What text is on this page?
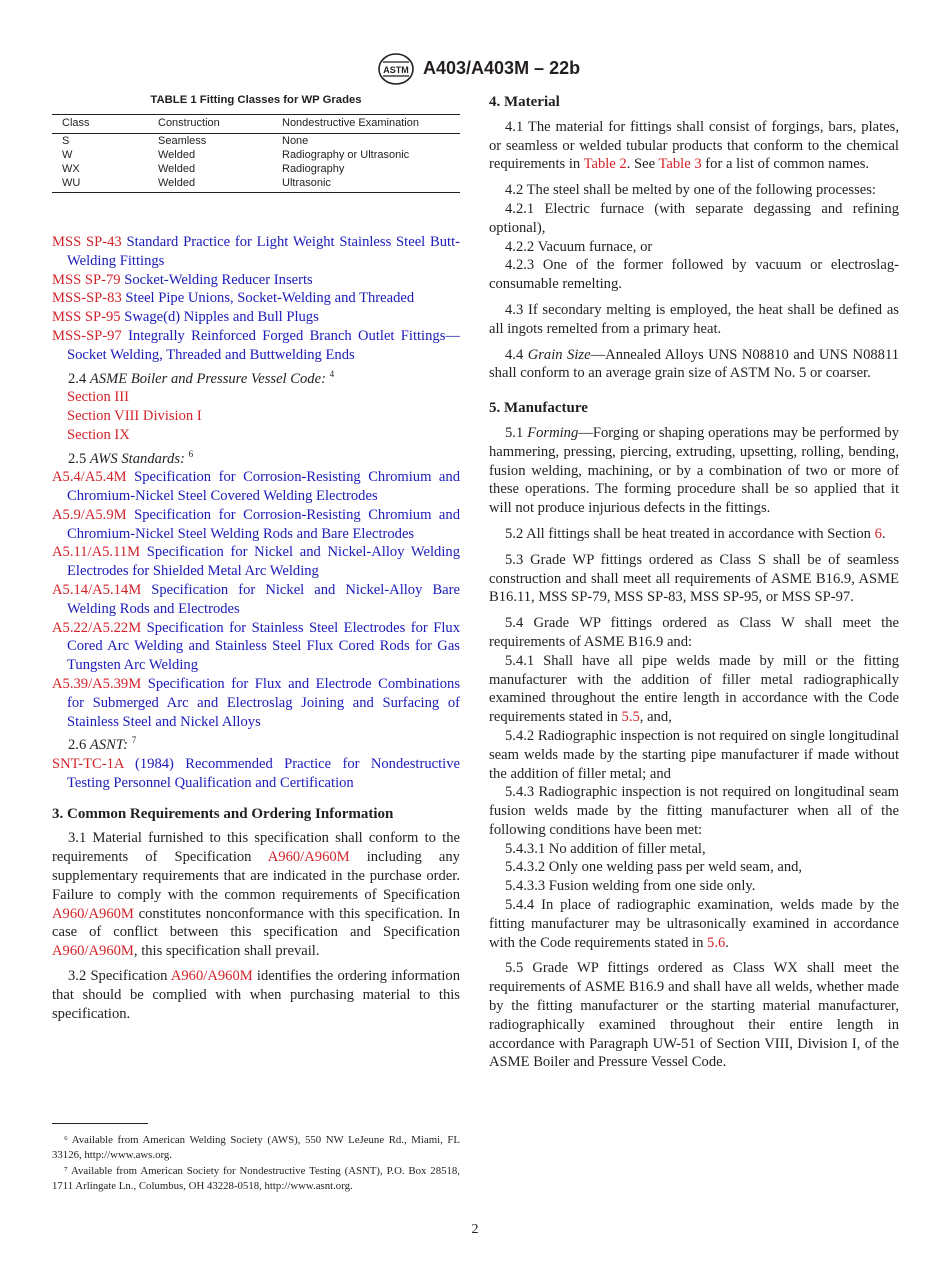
ASTM A403/A403M – 22b
TABLE 1 Fitting Classes for WP Grades
Class	Construction	Nondestructive Examination
S	Seamless	None
W	Welded	Radiography or Ultrasonic
WX	Welded	Radiography
WU	Welded	Ultrasonic

MSS SP-43 Standard Practice for Light Weight Stainless Steel Butt-Welding Fittings

MSS SP-79 Socket-Welding Reducer Inserts

MSS-SP-83 Steel Pipe Unions, Socket-Welding and Threaded

MSS SP-95 Swage(d) Nipples and Bull Plugs

MSS-SP-97 Integrally Reinforced Forged Branch Outlet Fittings—Socket Welding, Threaded and Buttwelding Ends

2.4 ASME Boiler and Pressure Vessel Code: $^4$

Section III

Section VIII Division I

Section IX

2.5 AWS Standards: $^6$

A5.4/A5.4M Specification for Corrosion-Resisting Chromium and Chromium-Nickel Steel Covered Welding Electrodes

A5.9/A5.9M Specification for Corrosion-Resisting Chromium and Chromium-Nickel Steel Welding Rods and Bare Electrodes

A5.11/A5.11M Specification for Nickel and Nickel-Alloy Welding Electrodes for Shielded Metal Arc Welding

A5.14/A5.14M Specification for Nickel and Nickel-Alloy Bare Welding Rods and Electrodes

A5.22/A5.22M Specification for Stainless Steel Electrodes for Flux Cored Arc Welding and Stainless Steel Flux Cored Rods for Gas Tungsten Arc Welding

A5.39/A5.39M Specification for Flux and Electrode Combinations for Submerged Arc and Electroslag Joining and Surfacing of Stainless Steel and Nickel Alloys

2.6 ASNT: $^7$

SNT-TC-1A (1984) Recommended Practice for Nondestructive Testing Personnel Qualification and Certification

3. Common Requirements and Ordering Information

3.1 Material furnished to this specification shall conform to the requirements of Specification A960/A960M including any supplementary requirements that are indicated in the purchase order. Failure to comply with the common requirements of Specification A960/A960M constitutes nonconformance with this specification. In case of conflict between this specification and Specification A960/A960M, this specification shall prevail.

3.2 Specification A960/A960M identifies the ordering information that should be complied with when purchasing material to this specification.

⁶ Available from American Welding Society (AWS), 550 NW LeJeune Rd., Miami, FL 33126, http://www.aws.org.

⁷ Available from American Society for Nondestructive Testing (ASNT), P.O. Box 28518, 1711 Arlingate Ln., Columbus, OH 43228-0518, http://www.asnt.org.

4. Material

4.1 The material for fittings shall consist of forgings, bars, plates, or seamless or welded tubular products that conform to the chemical requirements in Table 2. See Table 3 for a list of common names.

4.2 The steel shall be melted by one of the following processes:

4.2.1 Electric furnace (with separate degassing and refining optional),

4.2.2 Vacuum furnace, or

4.2.3 One of the former followed by vacuum or electroslag-consumable remelting.

4.3 If secondary melting is employed, the heat shall be defined as all ingots remelted from a primary heat.

4.4 Grain Size—Annealed Alloys UNS N08810 and UNS N08811 shall conform to an average grain size of ASTM No. 5 or coarser.

5. Manufacture

5.1 Forming—Forging or shaping operations may be performed by hammering, pressing, piercing, extruding, upsetting, rolling, bending, fusion welding, machining, or by a combination of two or more of these operations. The forming procedure shall be so applied that it will not produce injurious defects in the fittings.

5.2 All fittings shall be heat treated in accordance with Section 6.

5.3 Grade WP fittings ordered as Class S shall be of seamless construction and shall meet all requirements of ASME B16.9, ASME B16.11, MSS SP-79, MSS SP-83, MSS SP-95, or MSS SP-97.

5.4 Grade WP fittings ordered as Class W shall meet the requirements of ASME B16.9 and:

5.4.1 Shall have all pipe welds made by mill or the fitting manufacturer with the addition of filler metal radiographically examined throughout the entire length in accordance with the Code requirements stated in 5.5, and,

5.4.2 Radiographic inspection is not required on single longitudinal seam welds made by the starting pipe manufacturer if made without the addition of filler metal; and

5.4.3 Radiographic inspection is not required on longitudinal seam fusion welds made by the fitting manufacturer when all of the following conditions have been met:

5.4.3.1 No addition of filler metal,

5.4.3.2 Only one welding pass per weld seam, and,

5.4.3.3 Fusion welding from one side only.

5.4.4 In place of radiographic examination, welds made by the fitting manufacturer may be ultrasonically examined in accordance with the Code requirements stated in 5.6.

5.5 Grade WP fittings ordered as Class WX shall meet the requirements of ASME B16.9 and shall have all welds, whether made by the fitting manufacturer or the starting material manufacturer, radiographically examined throughout their entire length in accordance with Paragraph UW-51 of Section VIII, Division I, of the ASME Boiler and Pressure Vessel Code.

2
